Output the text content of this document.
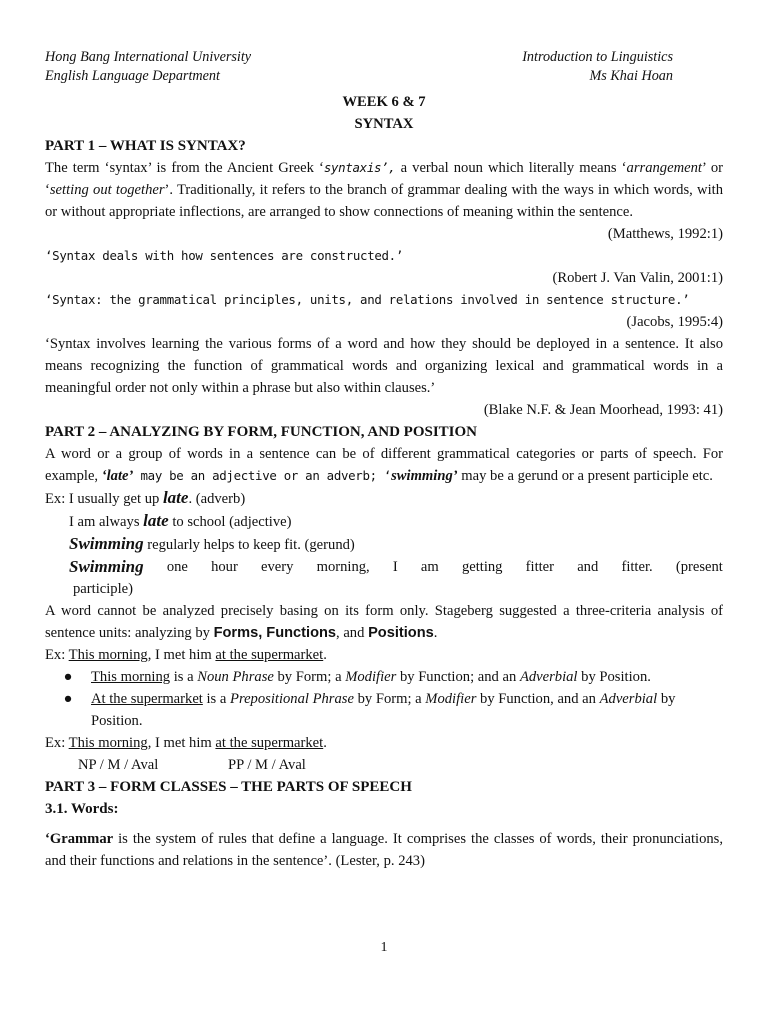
Hong Bang International University
English Language Department
Introduction to Linguistics
Ms Khai Hoan
WEEK 6 & 7
SYNTAX
PART 1 – WHAT IS SYNTAX?

The term ‘syntax’ is from the Ancient Greek ‘syntaxis’, a verbal noun which literally means ‘arrangement’ or ‘setting out together’. Traditionally, it refers to the branch of grammar dealing with the ways in which words, with or without appropriate inflections, are arranged to show connections of meaning within the sentence.

(Matthews, 1992:1)
‘Syntax deals with how sentences are constructed.’
(Robert J. Van Valin, 2001:1)
‘Syntax: the grammatical principles, units, and relations involved in sentence structure.’
(Jacobs, 1995:4)

‘Syntax involves learning the various forms of a word and how they should be deployed in a sentence. It also means recognizing the function of grammatical words and organizing lexical and grammatical words in a meaningful order not only within a phrase but also within clauses.’

(Blake N.F. & Jean Moorhead, 1993: 41)
PART 2 – ANALYZING BY FORM, FUNCTION, AND POSITION

A word or a group of words in a sentence can be of different grammatical categories or parts of speech. For example, ‘late’ may be an adjective or an adverb; ‘swimming’ may be a gerund or a present participle etc.

Ex: I usually get up late. (adverb)
I am always late to school (adjective)
Swimming regularly helps to keep fit. (gerund)
Swimming one hour every morning, I am getting fitter and fitter. (present
participle)

A word cannot be analyzed precisely basing on its form only. Stageberg suggested a three-criteria analysis of sentence units: analyzing by Forms, Functions, and Positions.

Ex: This morning, I met him at the supermarket.
●	This morning is a Noun Phrase by Form; a Modifier by Function; and an Adverbial by Position.
●	At the supermarket is a Prepositional Phrase by Form; a Modifier by Function, and an Adverbial by Position.
Ex: This morning, I met him at the supermarket.
NP / M / Aval	PP / M / Aval
PART 3 – FORM CLASSES – THE PARTS OF SPEECH
3.1. Words:

‘Grammar is the system of rules that define a language. It comprises the classes of words, their pronunciations, and their functions and relations in the sentence’. (Lester, p. 243)

1
